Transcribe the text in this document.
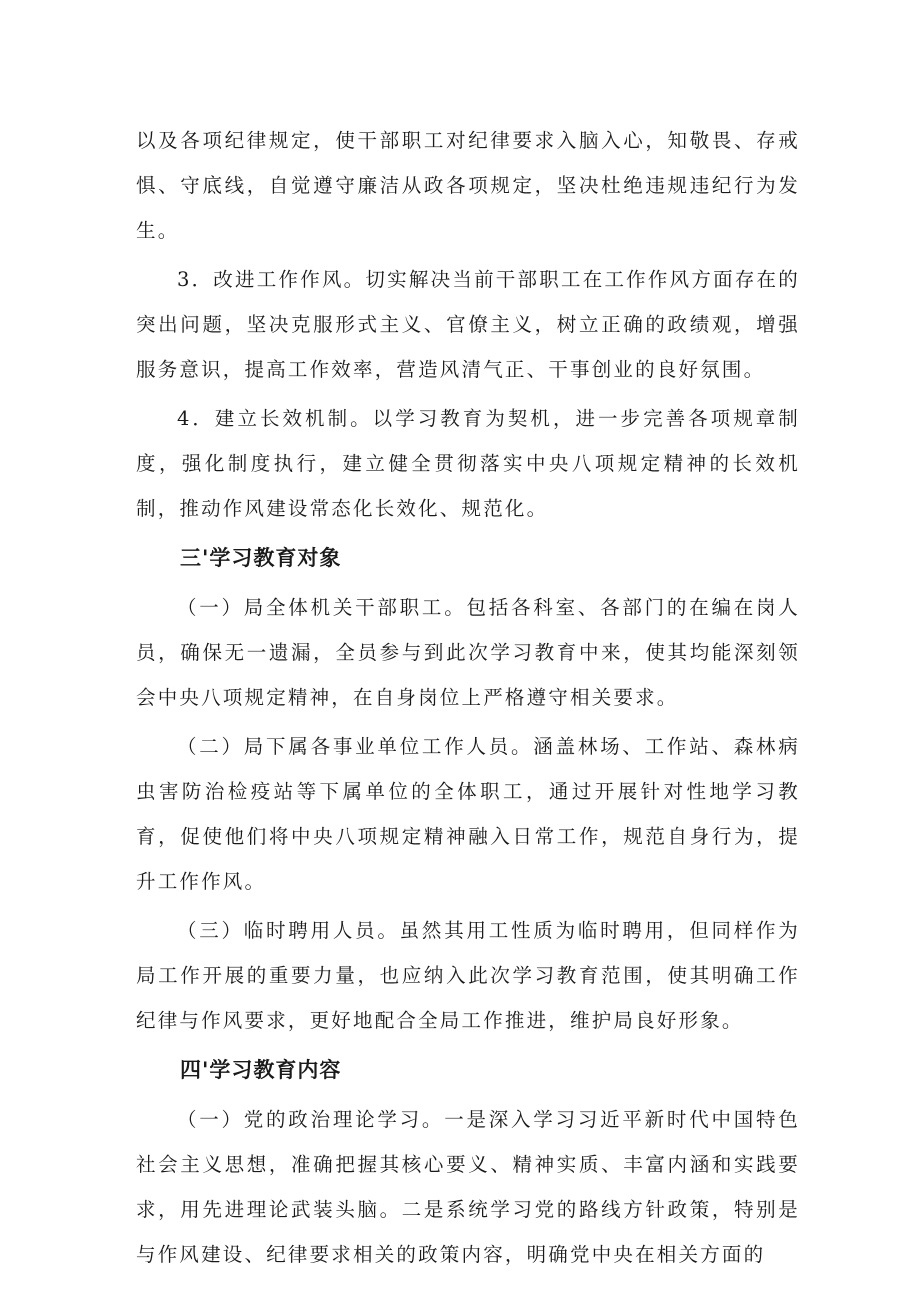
以及各项纪律规定，使干部职工对纪律要求入脑入心，知敬畏、存戒惧、守底线，自觉遵守廉洁从政各项规定，坚决杜绝违规违纪行为发生。

3．改进工作作风。切实解决当前干部职工在工作作风方面存在的突出问题，坚决克服形式主义、官僚主义，树立正确的政绩观，增强服务意识，提高工作效率，营造风清气正、干事创业的良好氛围。

4．建立长效机制。以学习教育为契机，进一步完善各项规章制度，强化制度执行，建立健全贯彻落实中央八项规定精神的长效机制，推动作风建设常态化长效化、规范化。

三'学习教育对象

（一）局全体机关干部职工。包括各科室、各部门的在编在岗人员，确保无一遗漏，全员参与到此次学习教育中来，使其均能深刻领会中央八项规定精神，在自身岗位上严格遵守相关要求。

（二）局下属各事业单位工作人员。涵盖林场、工作站、森林病虫害防治检疫站等下属单位的全体职工，通过开展针对性地学习教育，促使他们将中央八项规定精神融入日常工作，规范自身行为，提升工作作风。

（三）临时聘用人员。虽然其用工性质为临时聘用，但同样作为局工作开展的重要力量，也应纳入此次学习教育范围，使其明确工作纪律与作风要求，更好地配合全局工作推进，维护局良好形象。

四'学习教育内容

（一）党的政治理论学习。一是深入学习习近平新时代中国特色社会主义思想，准确把握其核心要义、精神实质、丰富内涵和实践要求，用先进理论武装头脑。二是系统学习党的路线方针政策，特别是与作风建设、纪律要求相关的政策内容，明确党中央在相关方面的
